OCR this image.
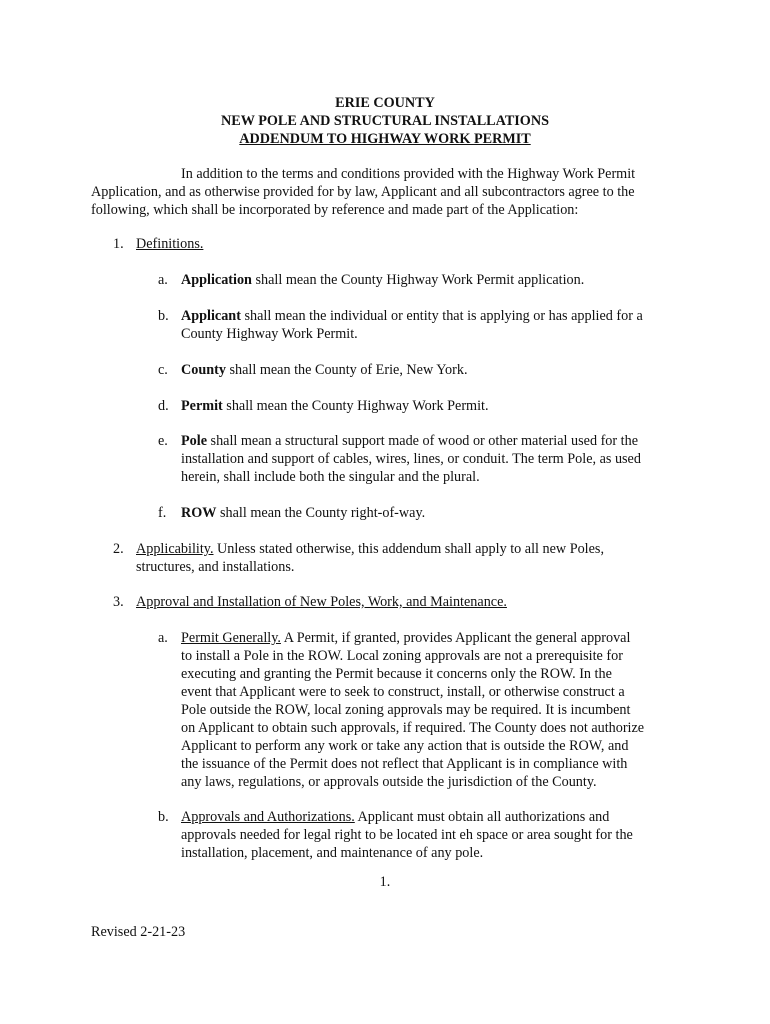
ERIE COUNTY
NEW POLE AND STRUCTURAL INSTALLATIONS
ADDENDUM TO HIGHWAY WORK PERMIT
In addition to the terms and conditions provided with the Highway Work Permit
Application, and as otherwise provided for by law, Applicant and all subcontractors agree to the
following, which shall be incorporated by reference and made part of the Application:
1. Definitions.
a. Application shall mean the County Highway Work Permit application.
b. Applicant shall mean the individual or entity that is applying or has applied for a
County Highway Work Permit.
c. County shall mean the County of Erie, New York.
d. Permit shall mean the County Highway Work Permit.
e. Pole shall mean a structural support made of wood or other material used for the
installation and support of cables, wires, lines, or conduit. The term Pole, as used
herein, shall include both the singular and the plural.
f. ROW shall mean the County right-of-way.
2. Applicability. Unless stated otherwise, this addendum shall apply to all new Poles,
structures, and installations.
3. Approval and Installation of New Poles, Work, and Maintenance.
a. Permit Generally. A Permit, if granted, provides Applicant the general approval
to install a Pole in the ROW. Local zoning approvals are not a prerequisite for
executing and granting the Permit because it concerns only the ROW. In the
event that Applicant were to seek to construct, install, or otherwise construct a
Pole outside the ROW, local zoning approvals may be required. It is incumbent
on Applicant to obtain such approvals, if required. The County does not authorize
Applicant to perform any work or take any action that is outside the ROW, and
the issuance of the Permit does not reflect that Applicant is in compliance with
any laws, regulations, or approvals outside the jurisdiction of the County.
b. Approvals and Authorizations. Applicant must obtain all authorizations and
approvals needed for legal right to be located int eh space or area sought for the
installation, placement, and maintenance of any pole.
1.
Revised 2-21-23
